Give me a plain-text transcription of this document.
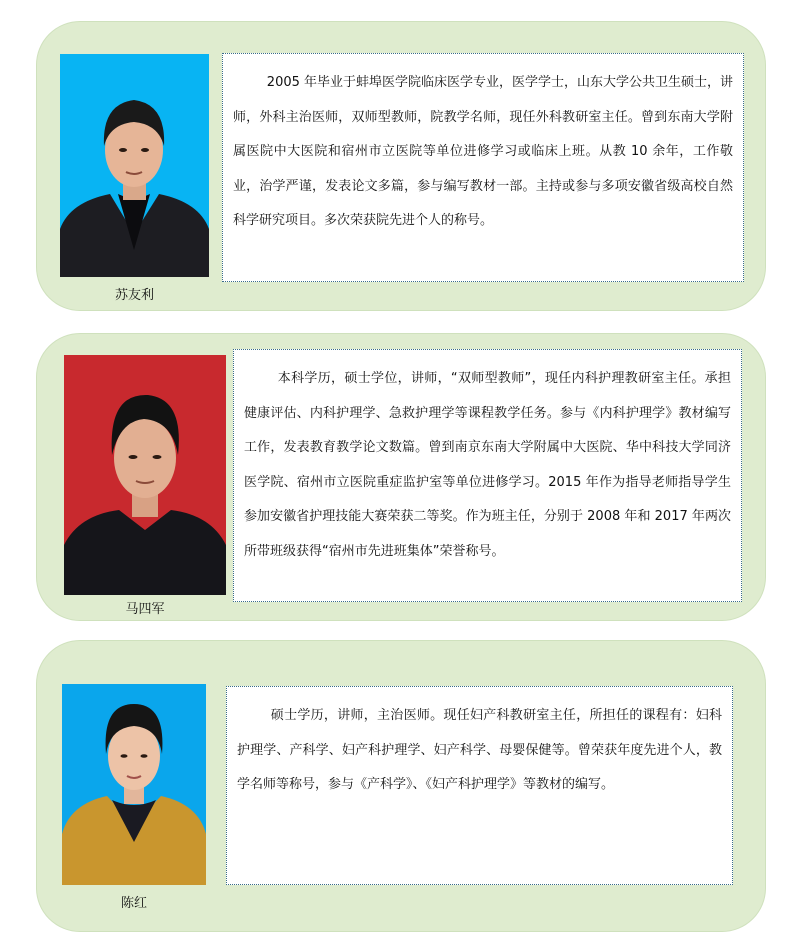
苏友利

2005 年毕业于蚌埠医学院临床医学专业，医学学士，山东大学公共卫生硕士，讲师，外科主治医师，双师型教师，院教学名师，现任外科教研室主任。曾到东南大学附属医院中大医院和宿州市立医院等单位进修学习或临床上班。从教 10 余年，工作敬业，治学严谨，发表论文多篇，参与编写教材一部。主持或参与多项安徽省级高校自然科学研究项目。多次荣获院先进个人的称号。

马四军

本科学历，硕士学位，讲师，“双师型教师”，现任内科护理教研室主任。承担健康评估、内科护理学、急救护理学等课程教学任务。参与《内科护理学》教材编写工作，发表教育教学论文数篇。曾到南京东南大学附属中大医院、华中科技大学同济医学院、宿州市立医院重症监护室等单位进修学习。2015 年作为指导老师指导学生参加安徽省护理技能大赛荣获二等奖。作为班主任，分别于 2008 年和 2017 年两次所带班级获得“宿州市先进班集体”荣誉称号。

陈红

硕士学历，讲师，主治医师。现任妇产科教研室主任，所担任的课程有：妇科护理学、产科学、妇产科护理学、妇产科学、母婴保健等。曾荣获年度先进个人，教学名师等称号，参与《产科学》、《妇产科护理学》等教材的编写。
